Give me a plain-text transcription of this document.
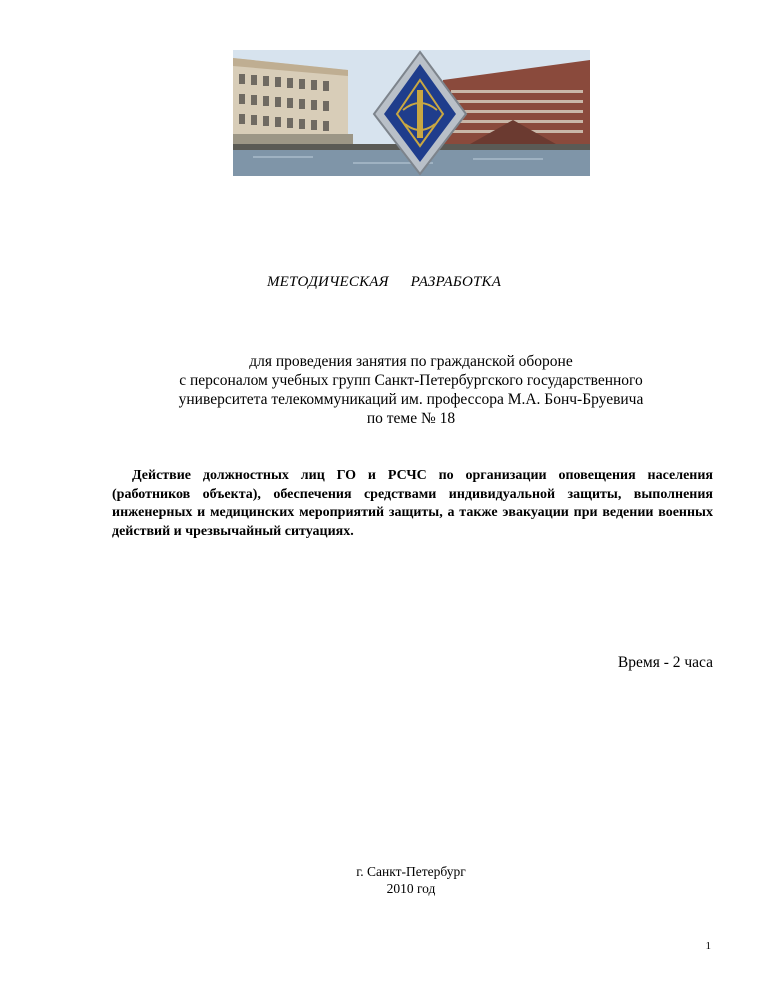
МЕТОДИЧЕСКАЯ РАЗРАБОТКА
для проведения занятия по гражданской обороне
с персоналом учебных групп Санкт-Петербургского государственного
университета телекоммуникаций им. профессора М.А. Бонч-Бруевича
по теме № 18
Действие должностных лиц ГО и РСЧС по организации оповещения населения (работников объекта), обеспечения средствами индивидуальной защиты, выполнения инженерных и медицинских мероприятий защиты, а также эвакуации при ведении военных действий и чрезвычайный ситуациях.
Время - 2 часа
г. Санкт-Петербург
2010 год
1
